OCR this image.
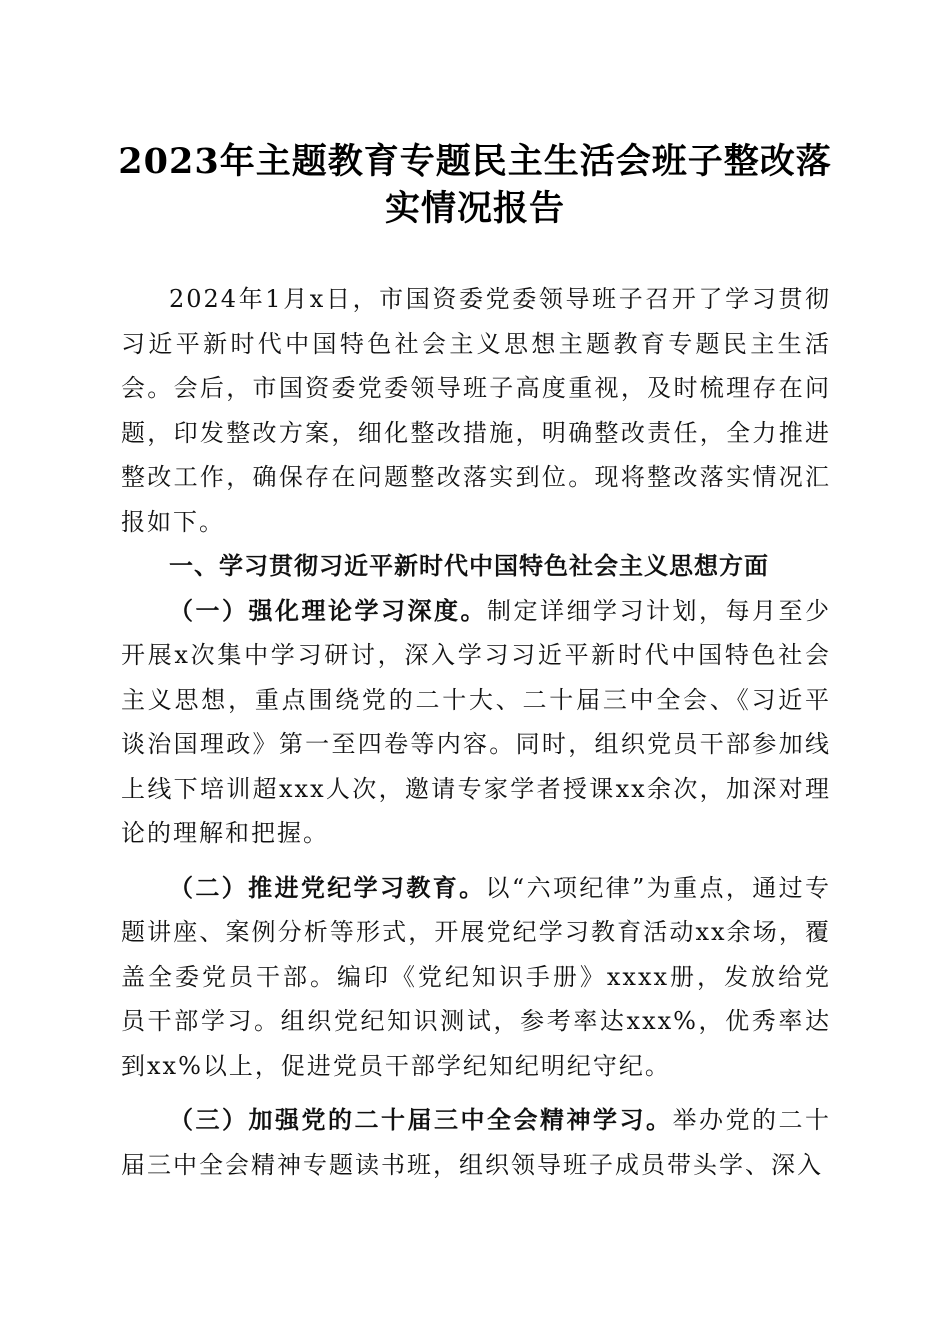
2023年主题教育专题民主生活会班子整改落
实情况报告

2024年1月x日，市国资委党委领导班子召开了学习贯彻习近平新时代中国特色社会主义思想主题教育专题民主生活会。会后，市国资委党委领导班子高度重视，及时梳理存在问题，印发整改方案，细化整改措施，明确整改责任，全力推进整改工作，确保存在问题整改落实到位。现将整改落实情况汇报如下。

一、学习贯彻习近平新时代中国特色社会主义思想方面

（一）强化理论学习深度。制定详细学习计划，每月至少开展x次集中学习研讨，深入学习习近平新时代中国特色社会主义思想，重点围绕党的二十大、二十届三中全会、《习近平谈治国理政》第一至四卷等内容。同时，组织党员干部参加线上线下培训超xxx人次，邀请专家学者授课xx余次，加深对理论的理解和把握。

（二）推进党纪学习教育。以“六项纪律”为重点，通过专题讲座、案例分析等形式，开展党纪学习教育活动xx余场，覆盖全委党员干部。编印《党纪知识手册》xxxx册，发放给党员干部学习。组织党纪知识测试，参考率达xxx%，优秀率达到xx%以上，促进党员干部学纪知纪明纪守纪。

（三）加强党的二十届三中全会精神学习。举办党的二十届三中全会精神专题读书班，组织领导班子成员带头学、深入
